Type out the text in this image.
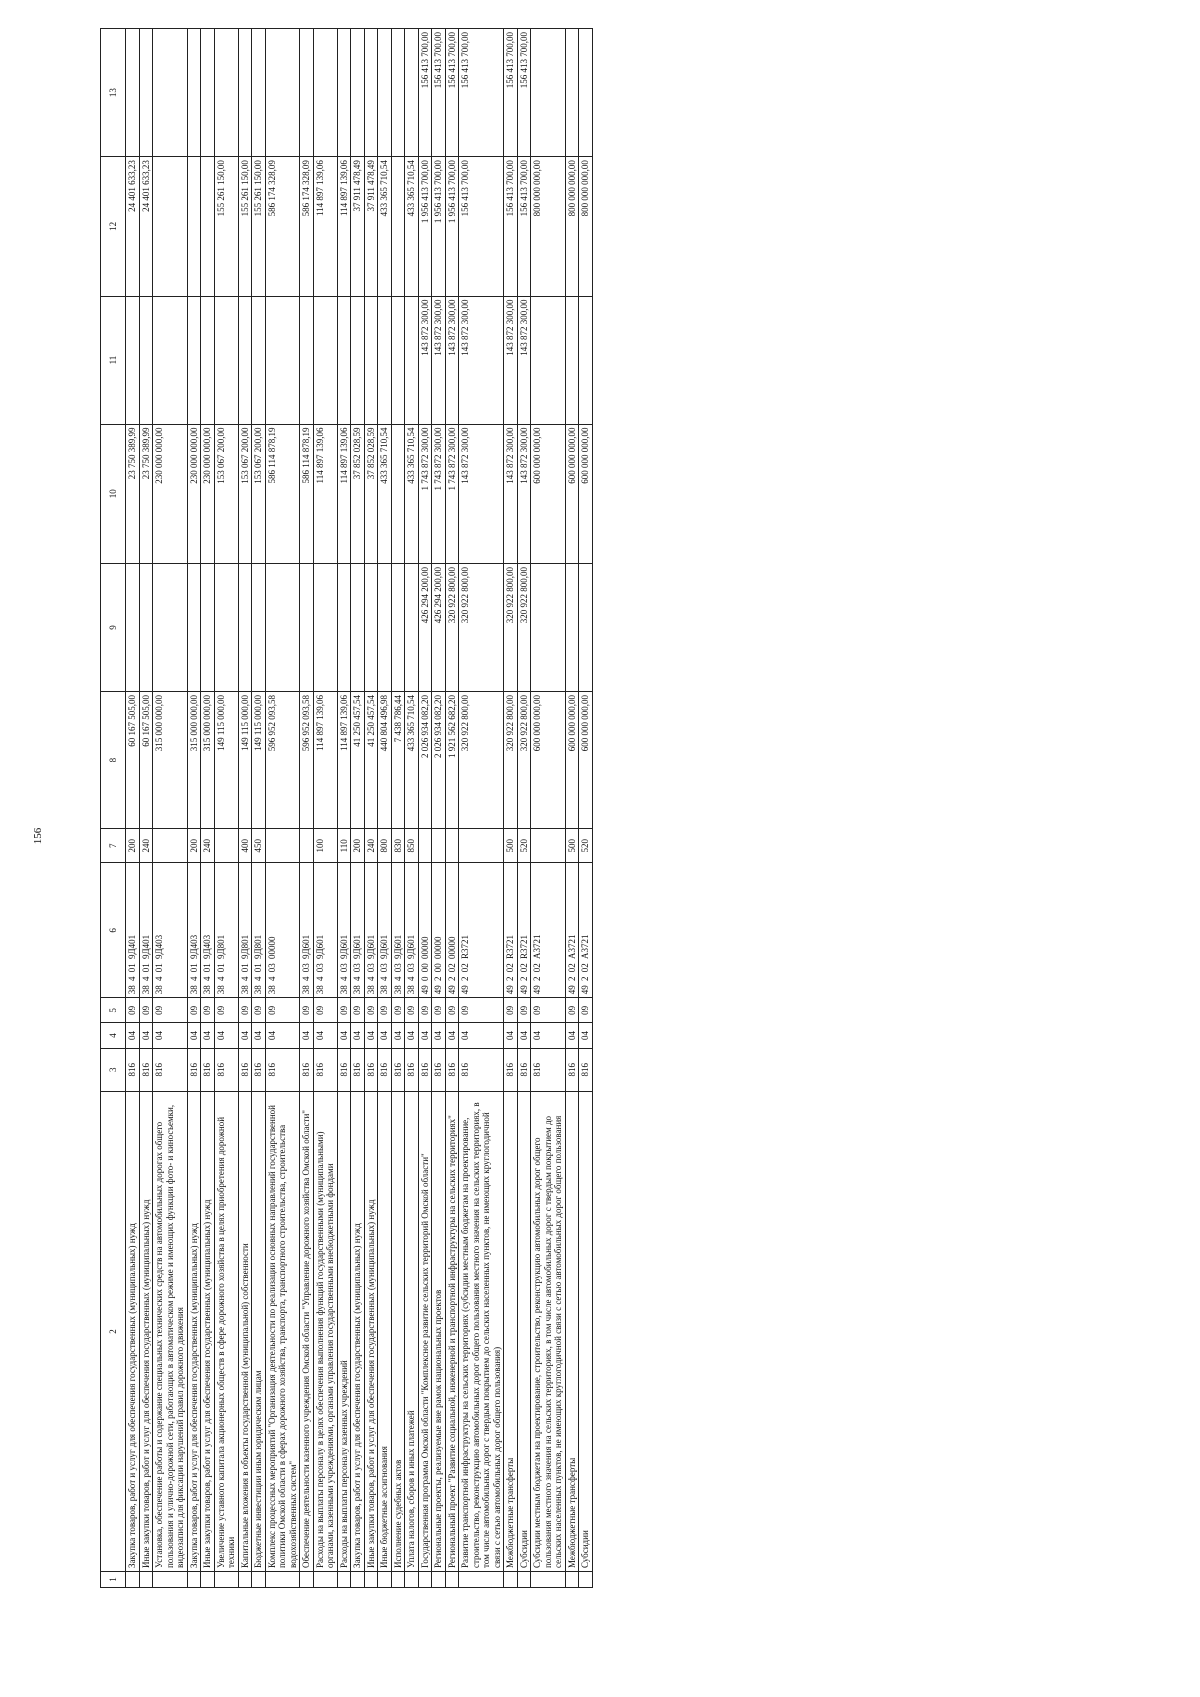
156
1	2	3	4	5	6	7	8	9	10	11	12	13
	Закупка товаров, работ и услуг для обеспечения государственных (муниципальных) нужд	816	04	09	38 4 01 9Д401	200	60 167 505,00		23 750 389,99		24 401 633,23	
	Иные закупки товаров, работ и услуг для обеспечения государственных (муниципальных) нужд	816	04	09	38 4 01 9Д401	240	60 167 505,00		23 750 389,99		24 401 633,23	
	Установка, обеспечение работы и содержание специальных технических средств на автомобильных дорогах общего пользования и улично-дорожной сети, работающих в автоматическом режиме и имеющих функции фото- и киносъемки, видеозаписи для фиксации нарушений правил дорожного движения	816	04	09	38 4 01 9Д403		315 000 000,00		230 000 000,00			
	Закупка товаров, работ и услуг для обеспечения государственных (муниципальных) нужд	816	04	09	38 4 01 9Д403	200	315 000 000,00		230 000 000,00			
	Иные закупки товаров, работ и услуг для обеспечения государственных (муниципальных) нужд	816	04	09	38 4 01 9Д403	240	315 000 000,00		230 000 000,00			
	Увеличение уставного капитала акционерных обществ в сфере дорожного хозяйства в целях приобретения дорожной техники	816	04	09	38 4 01 9Д801		149 115 000,00		153 067 200,00		155 261 150,00	
	Капитальные вложения в объекты государственной (муниципальной) собственности	816	04	09	38 4 01 9Д801	400	149 115 000,00		153 067 200,00		155 261 150,00	
	Бюджетные инвестиции иным юридическим лицам	816	04	09	38 4 01 9Д801	450	149 115 000,00		153 067 200,00		155 261 150,00	
	Комплекс процессных мероприятий "Организация деятельности по реализации основных направлений государственной политики Омской области в сферах дорожного хозяйства, транспорта, транспортного строительства, строительства водохозяйственных систем"	816	04	09	38 4 03 00000		596 952 093,58		586 114 878,19		586 174 328,09	
	Обеспечение деятельности казенного учреждения Омской области "Управление дорожного хозяйства Омской области"	816	04	09	38 4 03 9Д601		596 952 093,58		586 114 878,19		586 174 328,09	
	Расходы на выплаты персоналу в целях обеспечения выполнения функций государственными (муниципальными) органами, казенными учреждениями, органами управления государственными внебюджетными фондами	816	04	09	38 4 03 9Д601	100	114 897 139,06		114 897 139,06		114 897 139,06	
	Расходы на выплаты персоналу казенных учреждений	816	04	09	38 4 03 9Д601	110	114 897 139,06		114 897 139,06		114 897 139,06	
	Закупка товаров, работ и услуг для обеспечения государственных (муниципальных) нужд	816	04	09	38 4 03 9Д601	200	41 250 457,54		37 852 028,59		37 911 478,49	
	Иные закупки товаров, работ и услуг для обеспечения государственных (муниципальных) нужд	816	04	09	38 4 03 9Д601	240	41 250 457,54		37 852 028,59		37 911 478,49	
	Иные бюджетные ассигнования	816	04	09	38 4 03 9Д601	800	440 804 496,98		433 365 710,54		433 365 710,54	
	Исполнение судебных актов	816	04	09	38 4 03 9Д601	830	7 438 786,44					
	Уплата налогов, сборов и иных платежей	816	04	09	38 4 03 9Д601	850	433 365 710,54		433 365 710,54		433 365 710,54	
	Государственная программа Омской области "Комплексное развитие сельских территорий Омской области"	816	04	09	49 0 00 00000		2 026 934 082,20	426 294 200,00	1 743 872 300,00	143 872 300,00	1 956 413 700,00	156 413 700,00
	Региональные проекты, реализуемые вне рамок национальных проектов	816	04	09	49 2 00 00000		2 026 934 082,20	426 294 200,00	1 743 872 300,00	143 872 300,00	1 956 413 700,00	156 413 700,00
	Региональный проект "Развитие социальной, инженерной и транспортной инфраструктуры на сельских территориях"	816	04	09	49 2 02 00000		1 921 562 682,20	320 922 800,00	1 743 872 300,00	143 872 300,00	1 956 413 700,00	156 413 700,00
	Развитие транспортной инфраструктуры на сельских территориях (субсидии местным бюджетам на проектирование, строительство, реконструкцию автомобильных дорог общего пользования местного значения на сельских территориях, в том числе автомобильных дорог с твердым покрытием до сельских населенных пунктов, не имеющих круглогодичной связи с сетью автомобильных дорог общего пользования)	816	04	09	49 2 02 R3721		320 922 800,00	320 922 800,00	143 872 300,00	143 872 300,00	156 413 700,00	156 413 700,00
	Межбюджетные трансферты	816	04	09	49 2 02 R3721	500	320 922 800,00	320 922 800,00	143 872 300,00	143 872 300,00	156 413 700,00	156 413 700,00
	Субсидии	816	04	09	49 2 02 R3721	520	320 922 800,00	320 922 800,00	143 872 300,00	143 872 300,00	156 413 700,00	156 413 700,00
	Субсидии местным бюджетам на проектирование, строительство, реконструкцию автомобильных дорог общего пользования местного значения на сельских территориях, в том числе автомобильных дорог с твердым покрытием до сельских населенных пунктов, не имеющих круглогодичной связи с сетью автомобильных дорог общего пользования	816	04	09	49 2 02 А3721		600 000 000,00		600 000 000,00		800 000 000,00	
	Межбюджетные трансферты	816	04	09	49 2 02 А3721	500	600 000 000,00		600 000 000,00		800 000 000,00	
	Субсидии	816	04	09	49 2 02 А3721	520	600 000 000,00		600 000 000,00		800 000 000,00	
